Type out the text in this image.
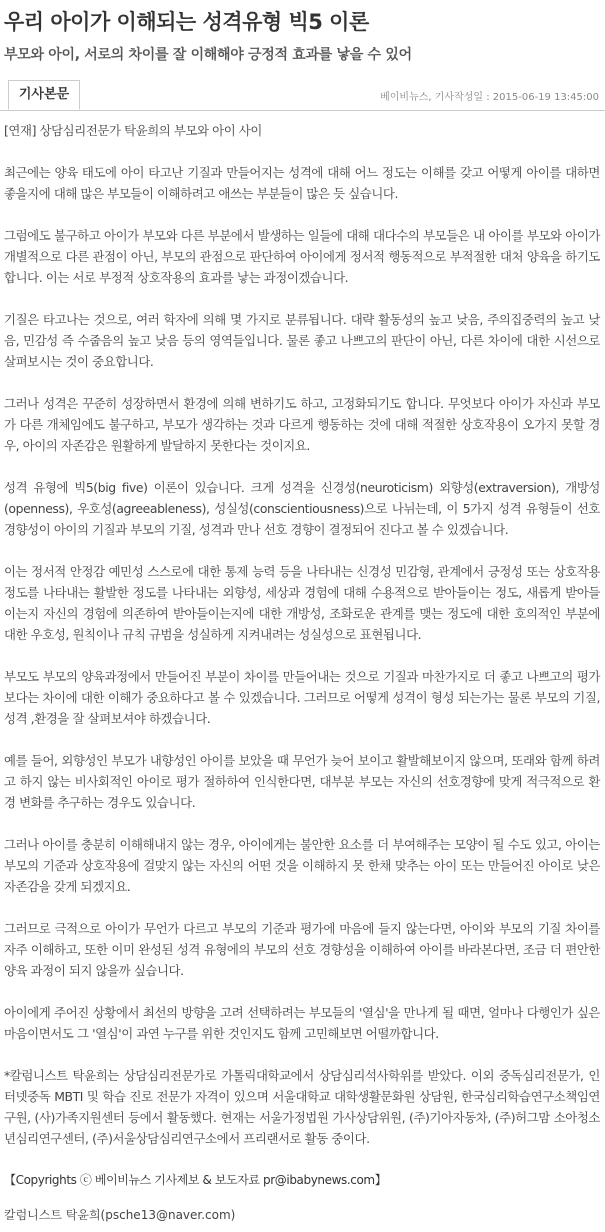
우리 아이가 이해되는 성격유형 빅5 이론
부모와 아이, 서로의 차이를 잘 이해해야 긍정적 효과를 낳을 수 있어
기사본문	베이비뉴스, 기사작성일 : 2015-06-19 13:45:00

[연재] 상담심리전문가 탁윤희의 부모와 아이 사이

최근에는 양육 태도에 아이 타고난 기질과 만들어지는 성격에 대해 어느 정도는 이해를 갖고 어떻게 아이를 대하면 좋을지에 대해 많은 부모들이 이해하려고 애쓰는 부분들이 많은 듯 싶습니다.

그럼에도 불구하고 아이가 부모와 다른 부분에서 발생하는 일들에 대해 대다수의 부모들은 내 아이를 부모와 아이가 개별적으로 다른 관점이 아닌, 부모의 관점으로 판단하여 아이에게 정서적 행동적으로 부적절한 대처 양육을 하기도 합니다. 이는 서로 부정적 상호작용의 효과를 낳는 과정이겠습니다.

기질은 타고나는 것으로, 여러 학자에 의해 몇 가지로 분류됩니다. 대략 활동성의 높고 낮음, 주의집중력의 높고 낮음, 민감성 즉 수줍음의 높고 낮음 등의 영역들입니다. 물론 좋고 나쁘고의 판단이 아닌, 다른 차이에 대한 시선으로 살펴보시는 것이 중요합니다.

그러나 성격은 꾸준히 성장하면서 환경에 의해 변하기도 하고, 고정화되기도 합니다. 무엇보다 아이가 자신과 부모가 다른 개체임에도 불구하고, 부모가 생각하는 것과 다르게 행동하는 것에 대해 적절한 상호작용이 오가지 못할 경우, 아이의 자존감은 원활하게 발달하지 못한다는 것이지요.

성격 유형에 빅5(big five) 이론이 있습니다. 크게 성격을 신경성(neuroticism) 외향성(extraversion), 개방성(openness), 우호성(agreeableness), 성실성(conscientiousness)으로 나뉘는데, 이 5가지 성격 유형들이 선호 경향성이 아이의 기질과 부모의 기질, 성격과 만나 선호 경향이 결정되어 진다고 볼 수 있겠습니다.

이는 정서적 안정감 예민성 스스로에 대한 통제 능력 등을 나타내는 신경성 민감형, 관계에서 긍정성 또는 상호작용 정도를 나타내는 활발한 정도를 나타내는 외향성, 세상과 경험에 대해 수용적으로 받아들이는 정도, 새롭게 받아들이는지 자신의 경험에 의존하여 받아들이는지에 대한 개방성, 조화로운 관계를 맺는 정도에 대한 호의적인 부분에 대한 우호성, 원칙이나 규칙 규범을 성실하게 지켜내려는 성실성으로 표현됩니다.

부모도 부모의 양육과정에서 만들어진 부분이 차이를 만들어내는 것으로 기질과 마찬가지로 더 좋고 나쁘고의 평가보다는 차이에 대한 이해가 중요하다고 볼 수 있겠습니다. 그러므로 어떻게 성격이 형성 되는가는 물론 부모의 기질, 성격 ,환경을 잘 살펴보셔야 하겠습니다.

예를 들어, 외향성인 부모가 내향성인 아이를 보았을 때 무언가 늦어 보이고 활발해보이지 않으며, 또래와 함께 하려고 하지 않는 비사회적인 아이로 평가 절하하여 인식한다면, 대부분 부모는 자신의 선호경향에 맞게 적극적으로 환경 변화를 추구하는 경우도 있습니다.

그러나 아이를 충분히 이해해내지 않는 경우, 아이에게는 불안한 요소를 더 부여해주는 모양이 될 수도 있고, 아이는 부모의 기준과 상호작용에 걸맞지 않는 자신의 어떤 것을 이해하지 못 한채 맞추는 아이 또는 만들어진 아이로 낮은 자존감을 갖게 되겠지요.

그러므로 극적으로 아이가 무언가 다르고 부모의 기준과 평가에 마음에 들지 않는다면, 아이와 부모의 기질 차이를 자주 이해하고, 또한 이미 완성된 성격 유형에의 부모의 선호 경향성을 이해하여 아이를 바라본다면, 조금 더 편안한 양육 과정이 되지 않을까 싶습니다.

아이에게 주어진 상황에서 최선의 방향을 고려 선택하려는 부모들의 '열심'을 만나게 될 때면, 얼마나 다행인가 싶은 마음이면서도 그 '열심'이 과연 누구를 위한 것인지도 함께 고민해보면 어떨까합니다.

*칼럼니스트 탁윤희는 상담심리전문가로 가톨릭대학교에서 상담심리석사학위를 받았다. 이외 중독심리전문가, 인터넷중독 MBTI 및 학습 진로 전문가 자격이 있으며 서울대학교 대학생활문화원 상담원, 한국심리학습연구소책임연구원, (사)가족지원센터 등에서 활동했다. 현재는 서울가정법원 가사상담위원, (주)기아자동차, (주)허그맘 소아청소년심리연구센터, (주)서울상담심리연구소에서 프리랜서로 활동 중이다.

【Copyrights ⓒ 베이비뉴스 기사제보 & 보도자료 pr@ibabynews.com】

칼럼니스트 탁윤희(psche13@naver.com)
